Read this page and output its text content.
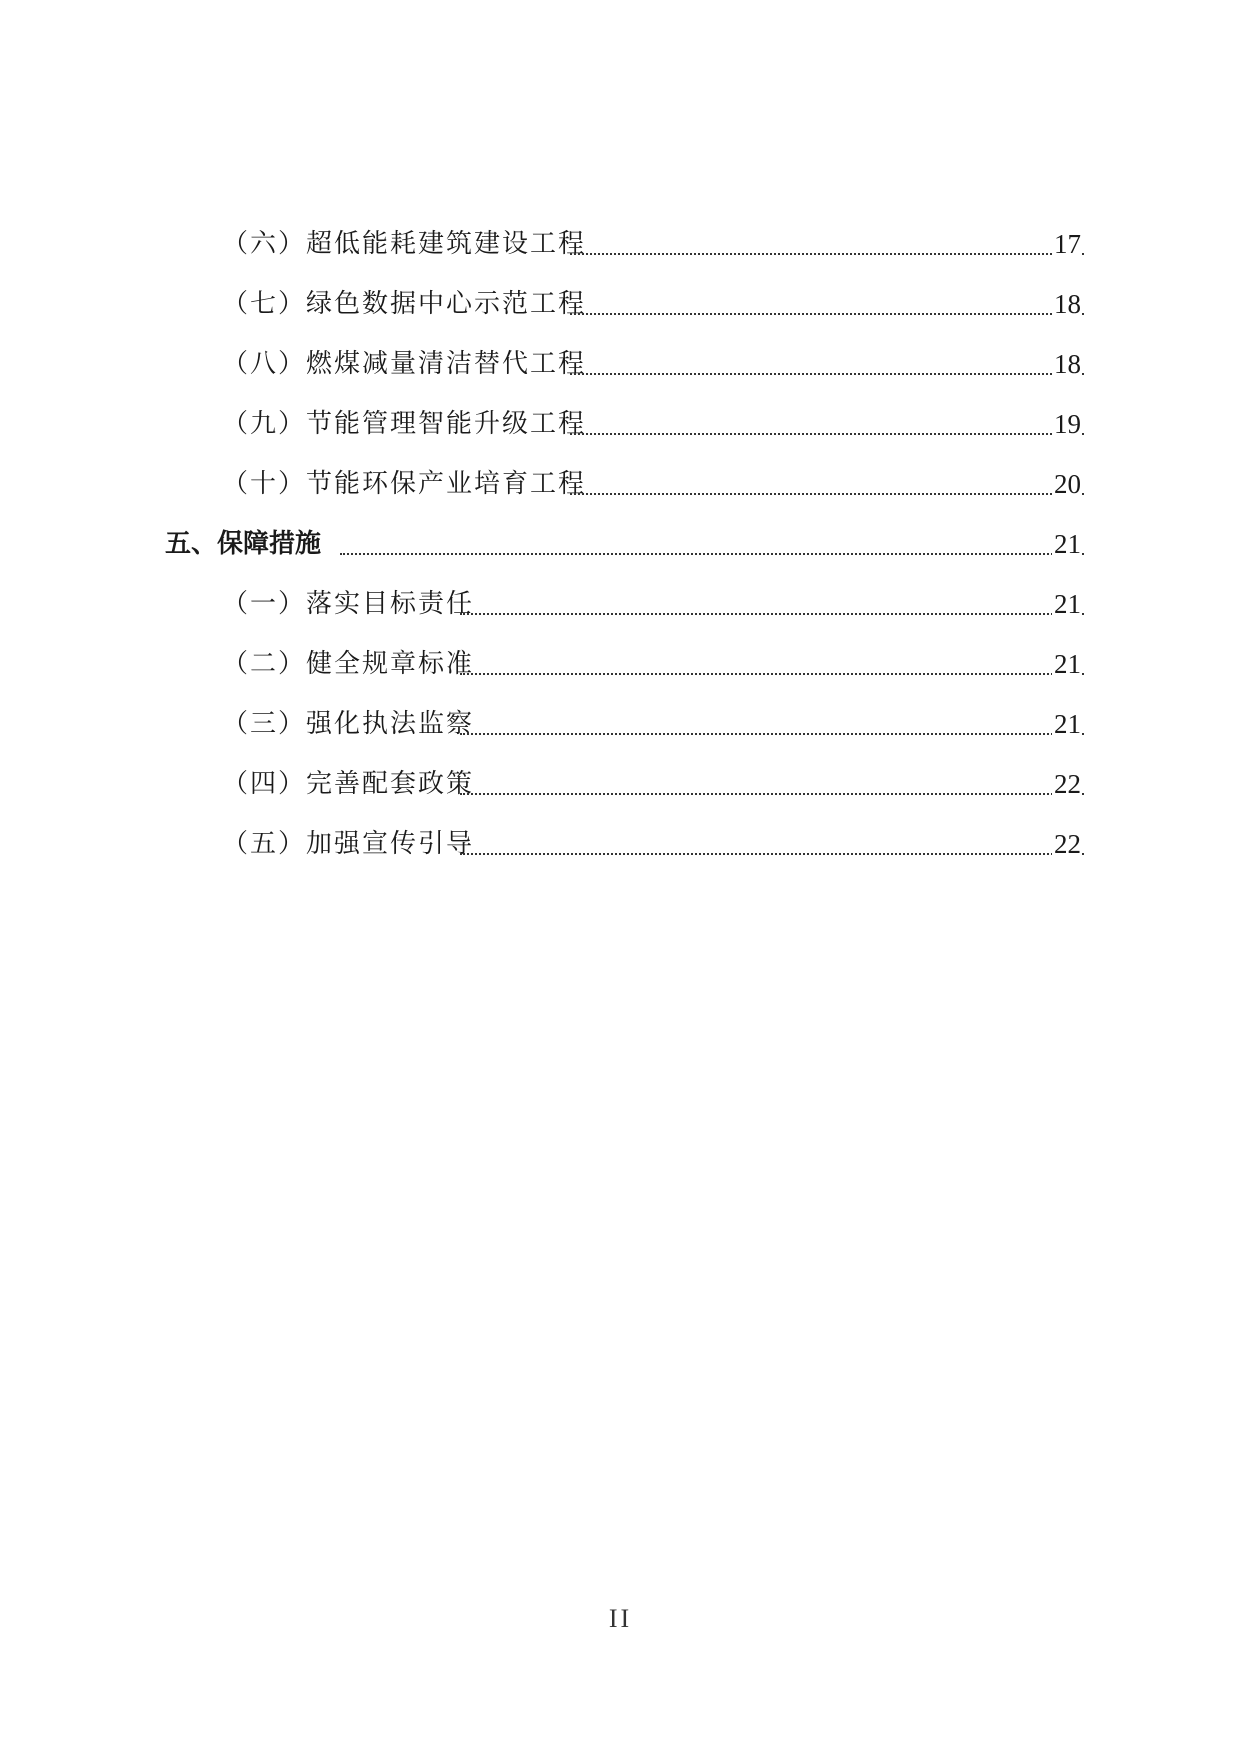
（六）超低能耗建筑建设工程	17
（七）绿色数据中心示范工程	18
（八）燃煤减量清洁替代工程	18
（九）节能管理智能升级工程	19
（十）节能环保产业培育工程	20
五、保障措施	21
（一）落实目标责任	21
（二）健全规章标准	21
（三）强化执法监察	21
（四）完善配套政策	22
（五）加强宣传引导	22
II
